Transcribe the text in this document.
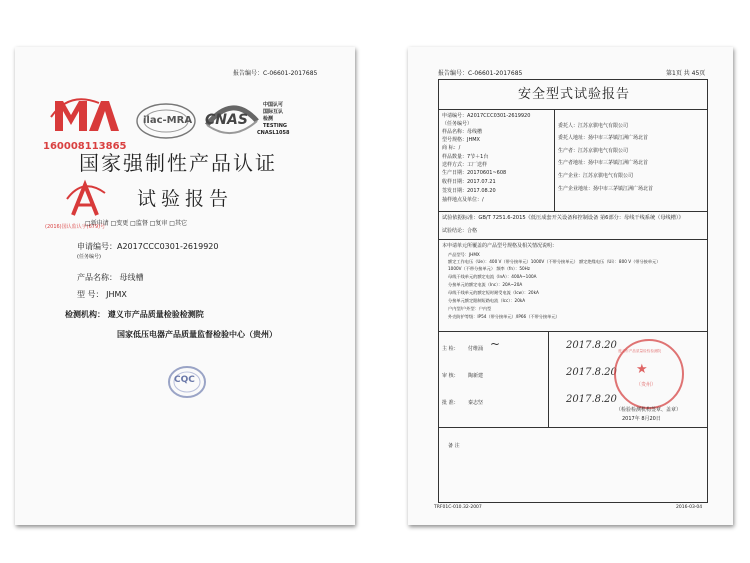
报告编号：C-06601-2017685
160008113865
ilac-MRA CNAS
中国认可
国际互认
检测
TESTING
CNASL1058
国家强制性产品认证
(2016)国认监认字(679)号
试验报告
□新申请 □变更 □监督 □复审 □其它
申请编号：A2017CCC0301-2619920
(任务编号)
产品名称： 母线槽
型 号： JHMX
检测机构： 遵义市产品质量检验检测院
国家低压电器产品质量监督检验中心（贵州）
CQC
报告编号：C-06601-2017685	第1页 共 45页
安全型式试验报告
申请编号：A2017CCC0301-2619920
（任务编号）
样品名称：母线槽
型号规格：JHMX
商 标：/
样品数量：7节＋1台
送样方式：工厂送样
生产日期：20170601~608
收样日期：2017.07.21
签发日期：2017.08.20
抽样地点及单位：/
委托人：江苏京骐电气有限公司
委托人地址：扬中市三茅镇江洲广场北首
生产者：江苏京骐电气有限公司
生产者地址：扬中市三茅镇江洲广场北首
生产企业：江苏京骐电气有限公司
生产企业地址：扬中市三茅镇江洲广场北首
试验依据标准：GB/T 7251.6-2015《低压成套开关设备和控制设备 第6部分：母线干线系统（母线槽）》
试验结论：合格
本申请单元所覆盖的产品型号规格及相关情况说明：
产品型号：JHMX
额定工作电压（Ue）：400 V（带分接单元）1000V（不带分接单元） 额定绝缘电压（Ui）：800 V（带分接单元）
1000V（不带分接单元） 频率（fn）：50Hz
母线干线单元的额定电流（InA）：400A~100A
分接单元的额定电流（Inc）：20A~20A
母线干线单元的额定短时耐受电流（Icw）：20kA
分接单元额定限制短路电流（Icc）：20kA
户内型/户外型：户内型
外壳防护等级：IP54（带分接单元）/IP66（不带分接单元）
主 检： 付维涌 ~	2017.8.20
审 核： 陶新建	2017.8.20
批 准： 秦志坚	2017.8.20
★
遵义市产品质量检验检测院
（贵州）
（检验检测机构签章、盖章）
2017年 8月20日
备 注
TRF01C-010.32-2007	2016-03-04
